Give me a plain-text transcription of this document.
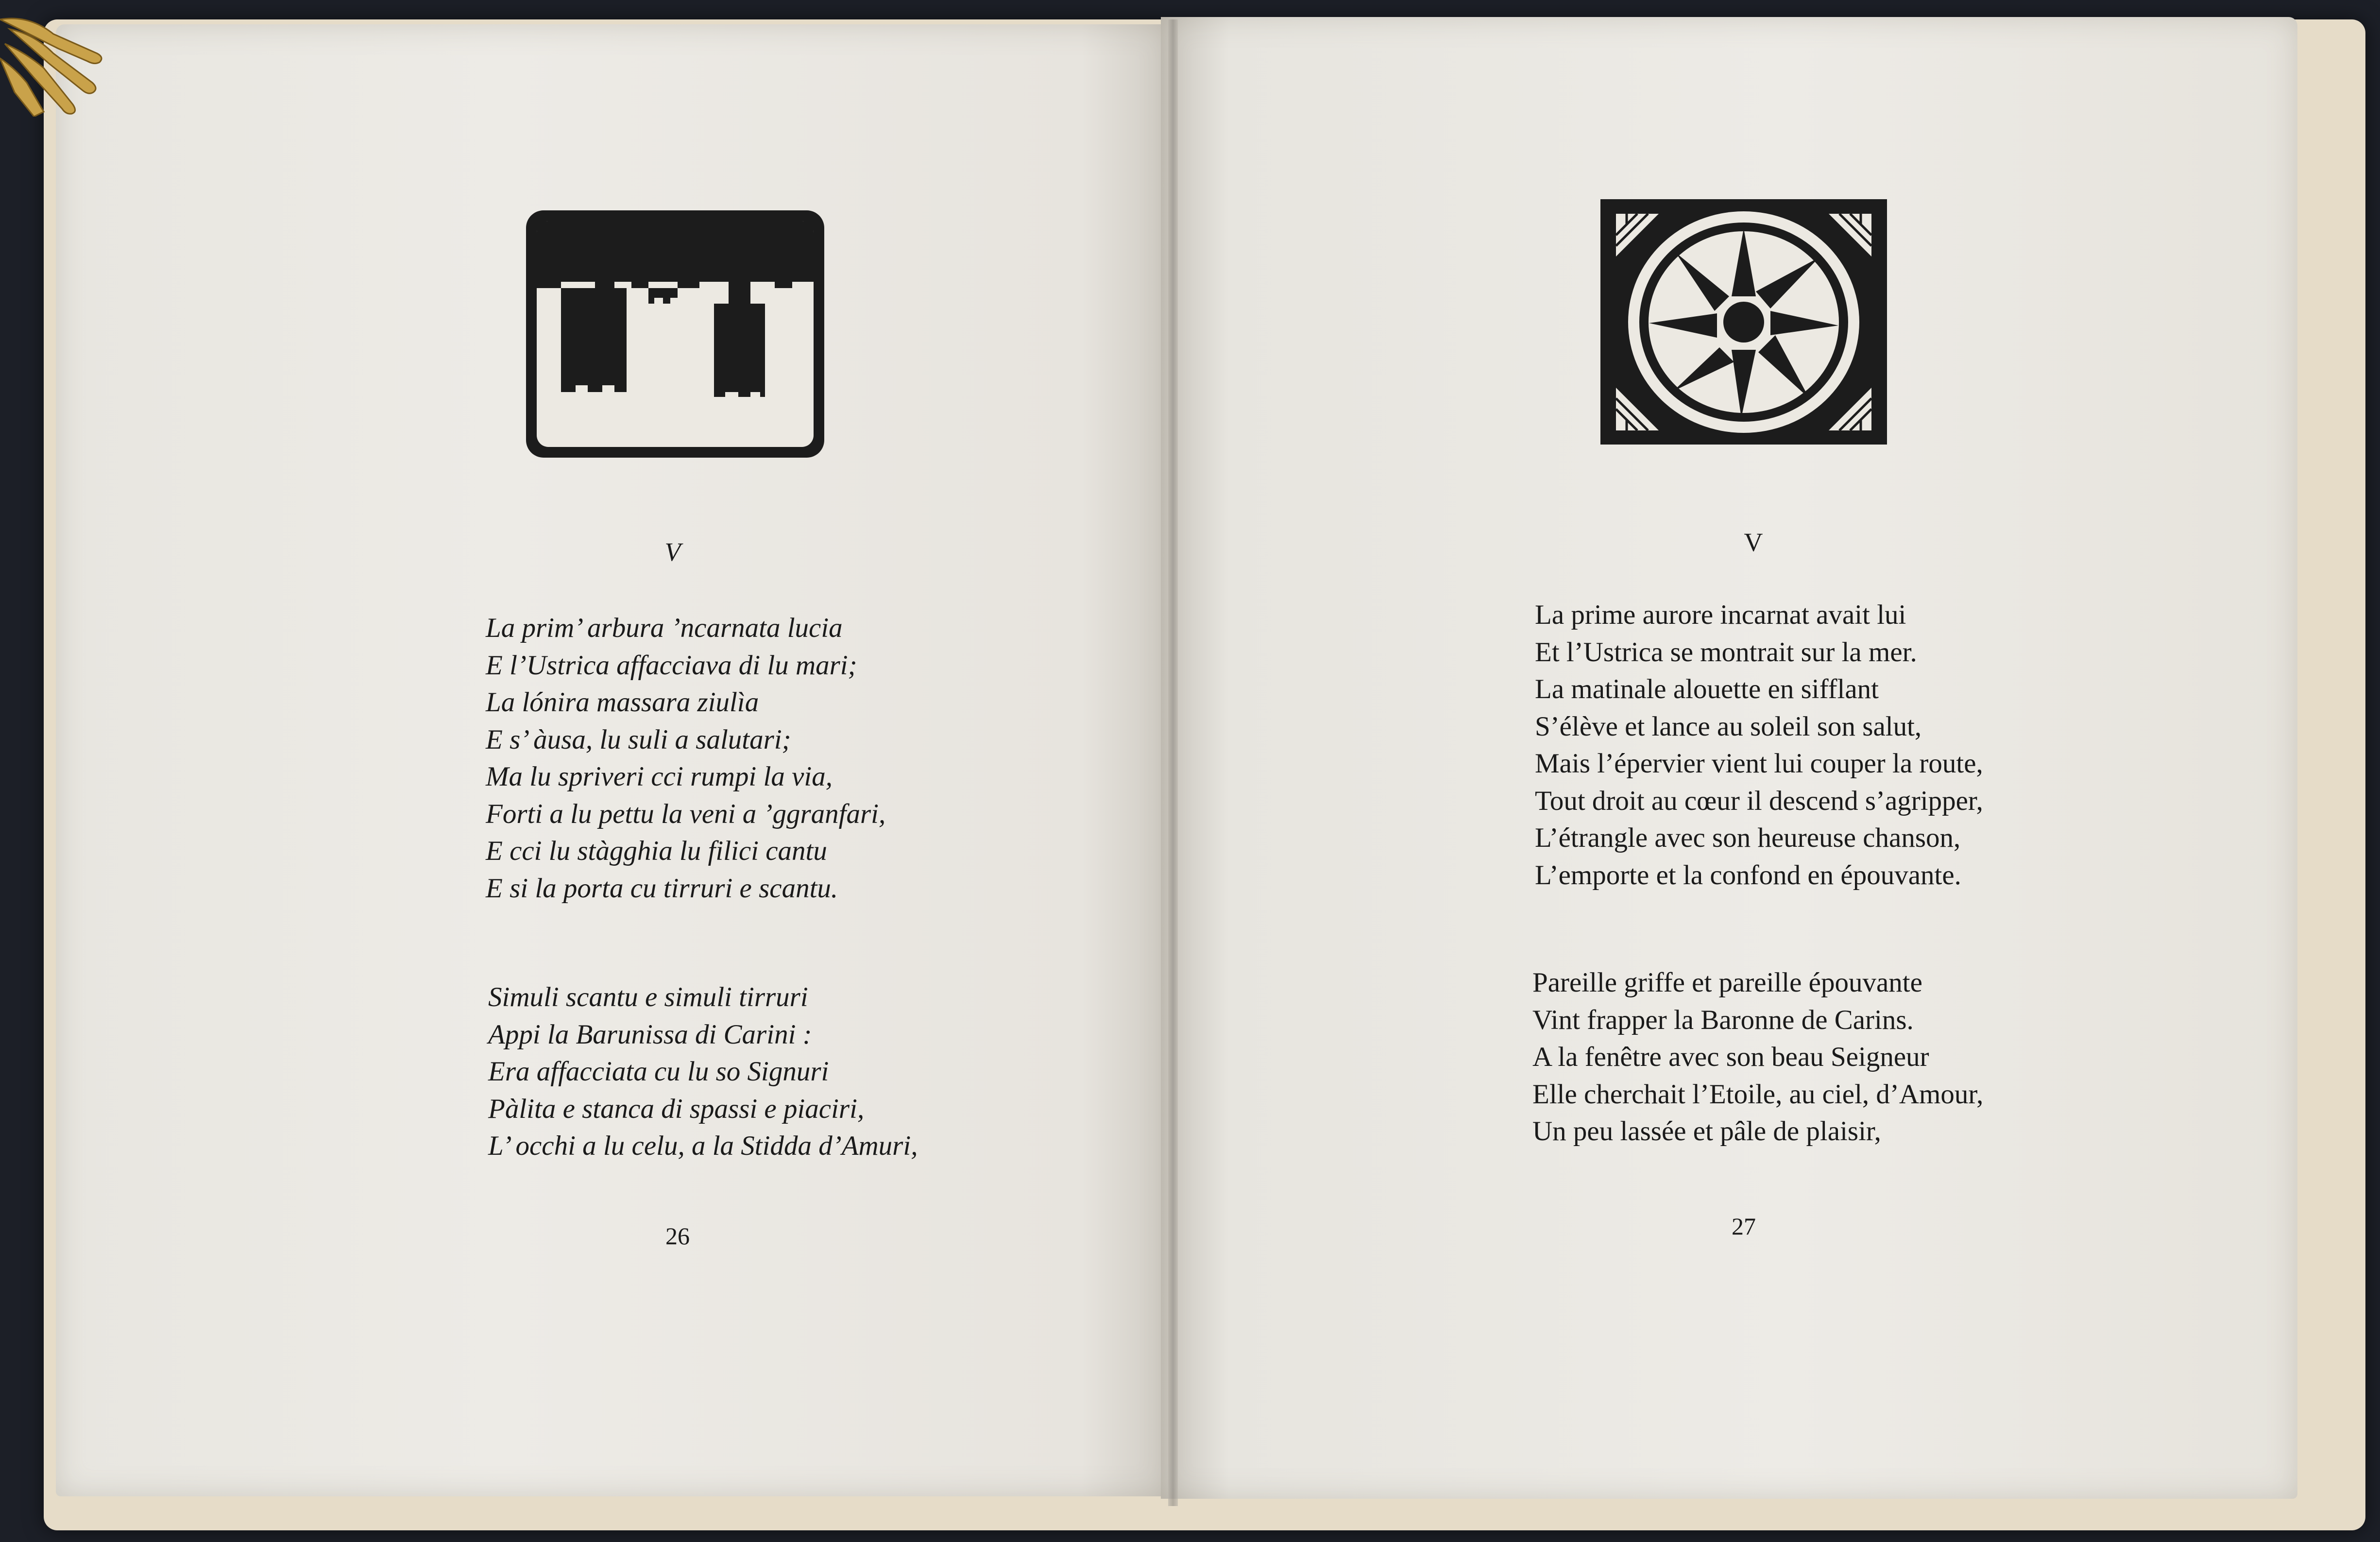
V
La prim’ arbura ’ncarnata lucia
E l’Ustrica affacciava di lu mari;
La lónira massara ziulìa
E s’ àusa, lu suli a salutari;
Ma lu spriveri cci rumpi la via,
Forti a lu pettu la veni a ’ggranfari,
E cci lu stàgghia lu filici cantu
E si la porta cu tirruri e scantu.
Simuli scantu e simuli tirruri
Appi la Barunissa di Carini :
Era affacciata cu lu so Signuri
Pàlita e stanca di spassi e piaciri,
L’ occhi a lu celu, a la Stidda d’Amuri,
26
V
La prime aurore incarnat avait lui
Et l’Ustrica se montrait sur la mer.
La matinale alouette en sifflant
S’élève et lance au soleil son salut,
Mais l’épervier vient lui couper la route,
Tout droit au cœur il descend s’agripper,
L’étrangle avec son heureuse chanson,
L’emporte et la confond en épouvante.
Pareille griffe et pareille épouvante
Vint frapper la Baronne de Carins.
A la fenêtre avec son beau Seigneur
Elle cherchait l’Etoile, au ciel, d’Amour,
Un peu lassée et pâle de plaisir,
27
